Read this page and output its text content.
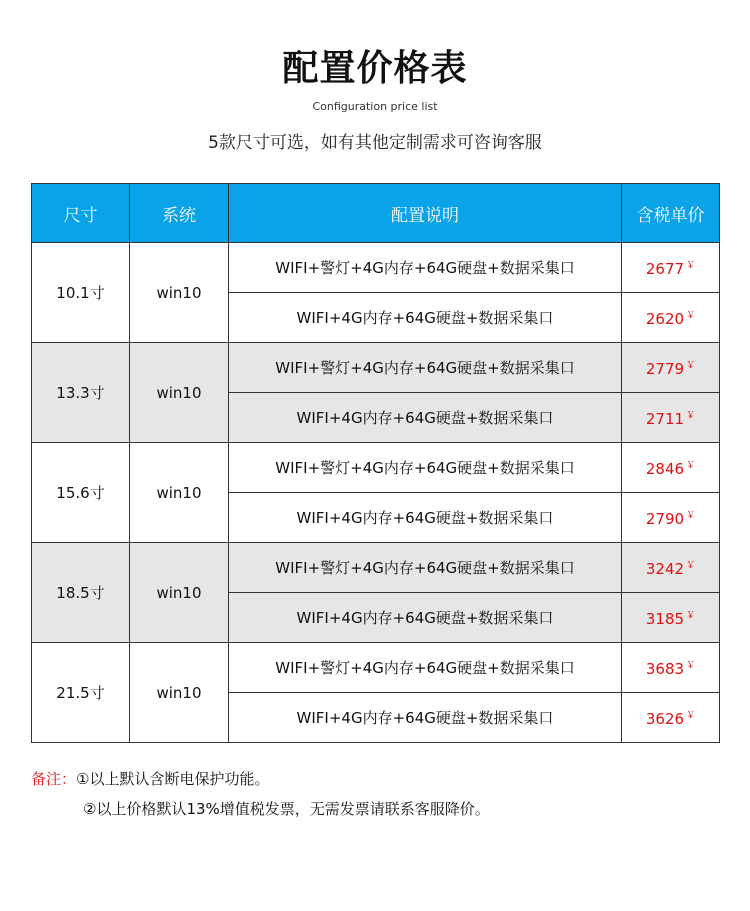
配置价格表
Configuration price list
5款尺寸可选，如有其他定制需求可咨询客服
尺寸	系统	配置说明	含税单价
10.1寸	win10	WIFI+警灯+4G内存+64G硬盘+数据采集口	2677 ￥
		WIFI+4G内存+64G硬盘+数据采集口	2620 ￥
13.3寸	win10	WIFI+警灯+4G内存+64G硬盘+数据采集口	2779 ￥
		WIFI+4G内存+64G硬盘+数据采集口	2711 ￥
15.6寸	win10	WIFI+警灯+4G内存+64G硬盘+数据采集口	2846 ￥
		WIFI+4G内存+64G硬盘+数据采集口	2790 ￥
18.5寸	win10	WIFI+警灯+4G内存+64G硬盘+数据采集口	3242 ￥
		WIFI+4G内存+64G硬盘+数据采集口	3185 ￥
21.5寸	win10	WIFI+警灯+4G内存+64G硬盘+数据采集口	3683 ￥
		WIFI+4G内存+64G硬盘+数据采集口	3626 ￥
备注：①以上默认含断电保护功能。
②以上价格默认13%增值税发票，无需发票请联系客服降价。
